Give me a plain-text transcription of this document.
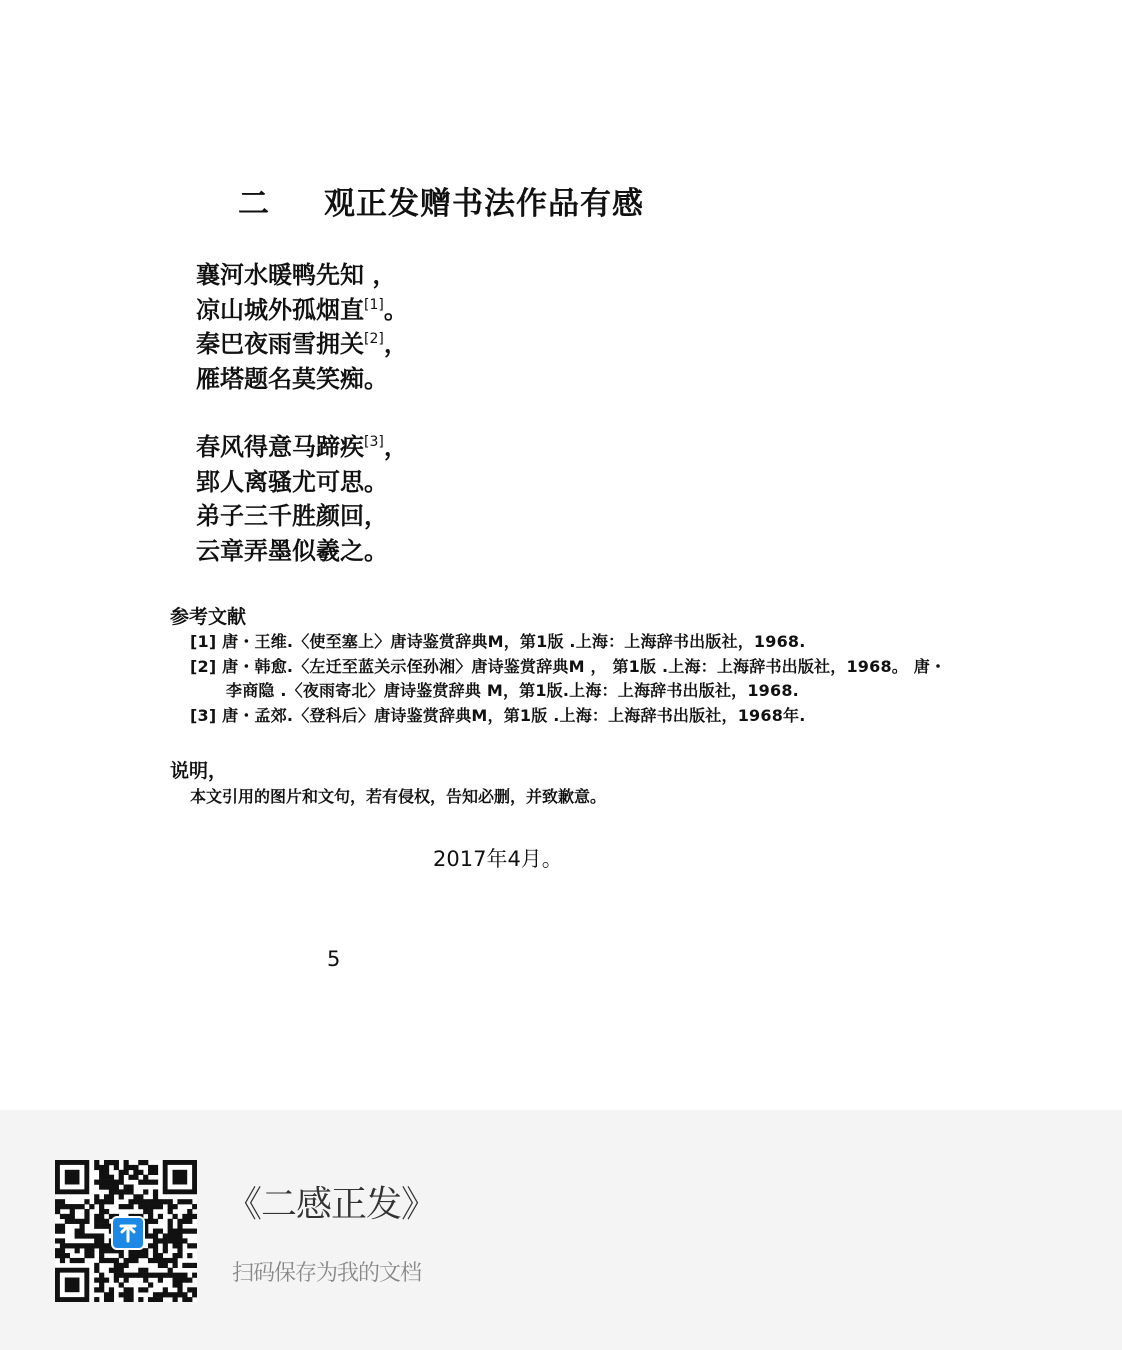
二 观正发赠书法作品有感
襄河水暖鸭先知 ，
凉山城外孤烟直[1]。
秦巴夜雨雪拥关[2]，
雁塔题名莫笑痴。
春风得意马蹄疾[3]，
郢人离骚尤可思。
弟子三千胜颜回，
云章弄墨似羲之。
参考文献
[1] 唐・王维.〈使至塞上〉唐诗鉴赏辞典M，第1版 .上海：上海辞书出版社，1968.
[2] 唐・韩愈.〈左迁至蓝关示侄孙湘〉唐诗鉴赏辞典M ， 第1版 .上海：上海辞书出版社，1968。 唐・李商隐 .〈夜雨寄北〉唐诗鉴赏辞典 M，第1版.上海：上海辞书出版社，1968.
[3] 唐・孟郊.〈登科后〉唐诗鉴赏辞典M，第1版 .上海：上海辞书出版社，1968年.
说明，
本文引用的图片和文句，若有侵权，告知必删，并致歉意。
2017年4月。
5
《二感正发》
扫码保存为我的文档
